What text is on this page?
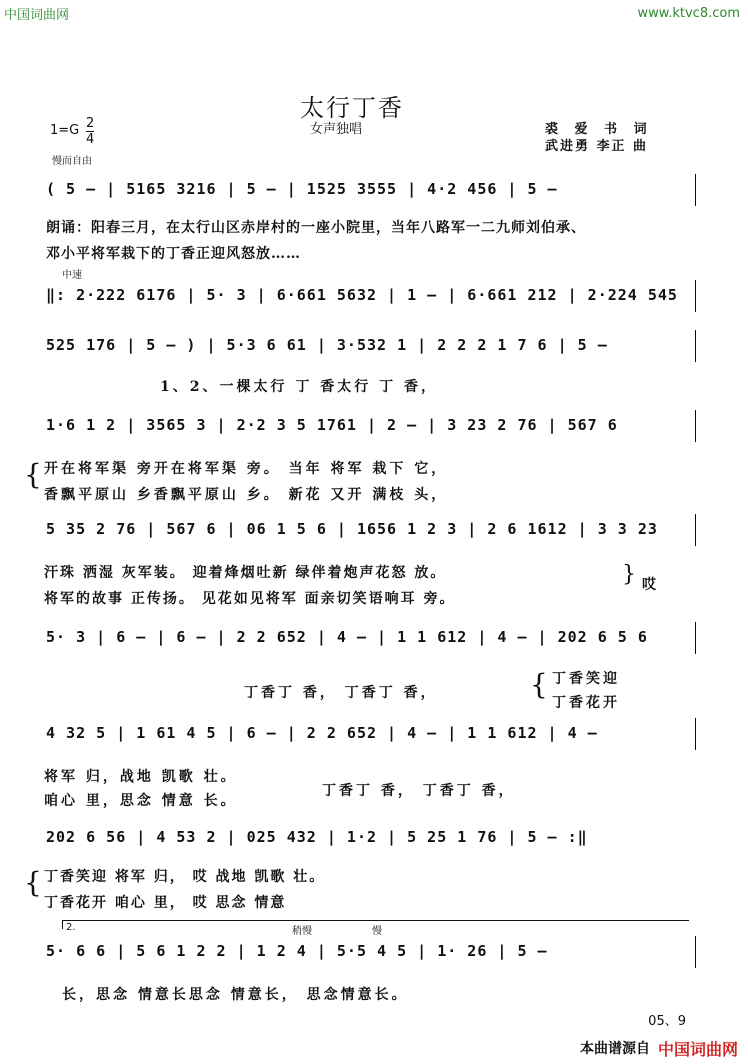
中国词曲网	www.ktvc8.com
太行丁香
女声独唱	裘 爱 书 词
武进勇 李正 曲
$1=G \frac{2}{4}$
慢而自由
( 5 – | 5165 3216 | 5 – | 1525 3555 | 4·2 456 | 5 –
朗诵：阳春三月，在太行山区赤岸村的一座小院里，当年八路军一二九师刘伯承、
邓小平将军栽下的丁香正迎风怒放……
中速
‖: 2·222 6176 | 5· 3 | 6·661 5632 | 1 – | 6·661 212 | 2·224 545
525 176 | 5 – ) | 5·3 6 61 | 3·532 1 | 2 2 2 1 7 6 | 5 –
1、2、一棵太行 丁 香太行 丁 香，
1·6 1 2 | 3565 3 | 2·2 3 5 1761 | 2 – | 3 23 2 76 | 567 6
{ 开在将军渠 旁开在将军渠 旁。 当年 将军 栽下 它，
香飘平原山 乡香飘平原山 乡。 新花 又开 满枝 头，
5 35 2 76 | 567 6 | 06 1 5 6 | 1656 1 2 3 | 2 6 1612 | 3 3 23
汗珠 洒湿 灰军装。 迎着烽烟吐新 绿伴着炮声花怒 放。
将军的故事 正传扬。 见花如见将军 面亲切笑语响耳 旁。
} 哎
5· 3 | 6 – | 6 – | 2 2 652 | 4 – | 1 1 612 | 4 – | 202 6 5 6
丁香丁 香， 丁香丁 香，	{ 丁香笑迎
丁香花开
4 32 5 | 1 61 4 5 | 6 – | 2 2 652 | 4 – | 1 1 612 | 4 –
将军 归，战地 凯歌 壮。
咱心 里，思念 情意 长。
丁香丁 香， 丁香丁 香，
202 6 56 | 4 53 2 | 025 432 | 1·2 | 5 25 1 76 | 5 – :‖
{ 丁香笑迎 将军 归， 哎 战地 凯歌 壮。
丁香花开 咱心 里， 哎 思念 情意
2.	稍慢	慢
5· 6 6 | 5 6 1 2 2 | 1 2 4 | 5·5 4 5 | 1· 26 | 5 –
长，思念 情意长思念 情意长， 思念情意长。
05、9
本曲谱源自 中国词曲网
